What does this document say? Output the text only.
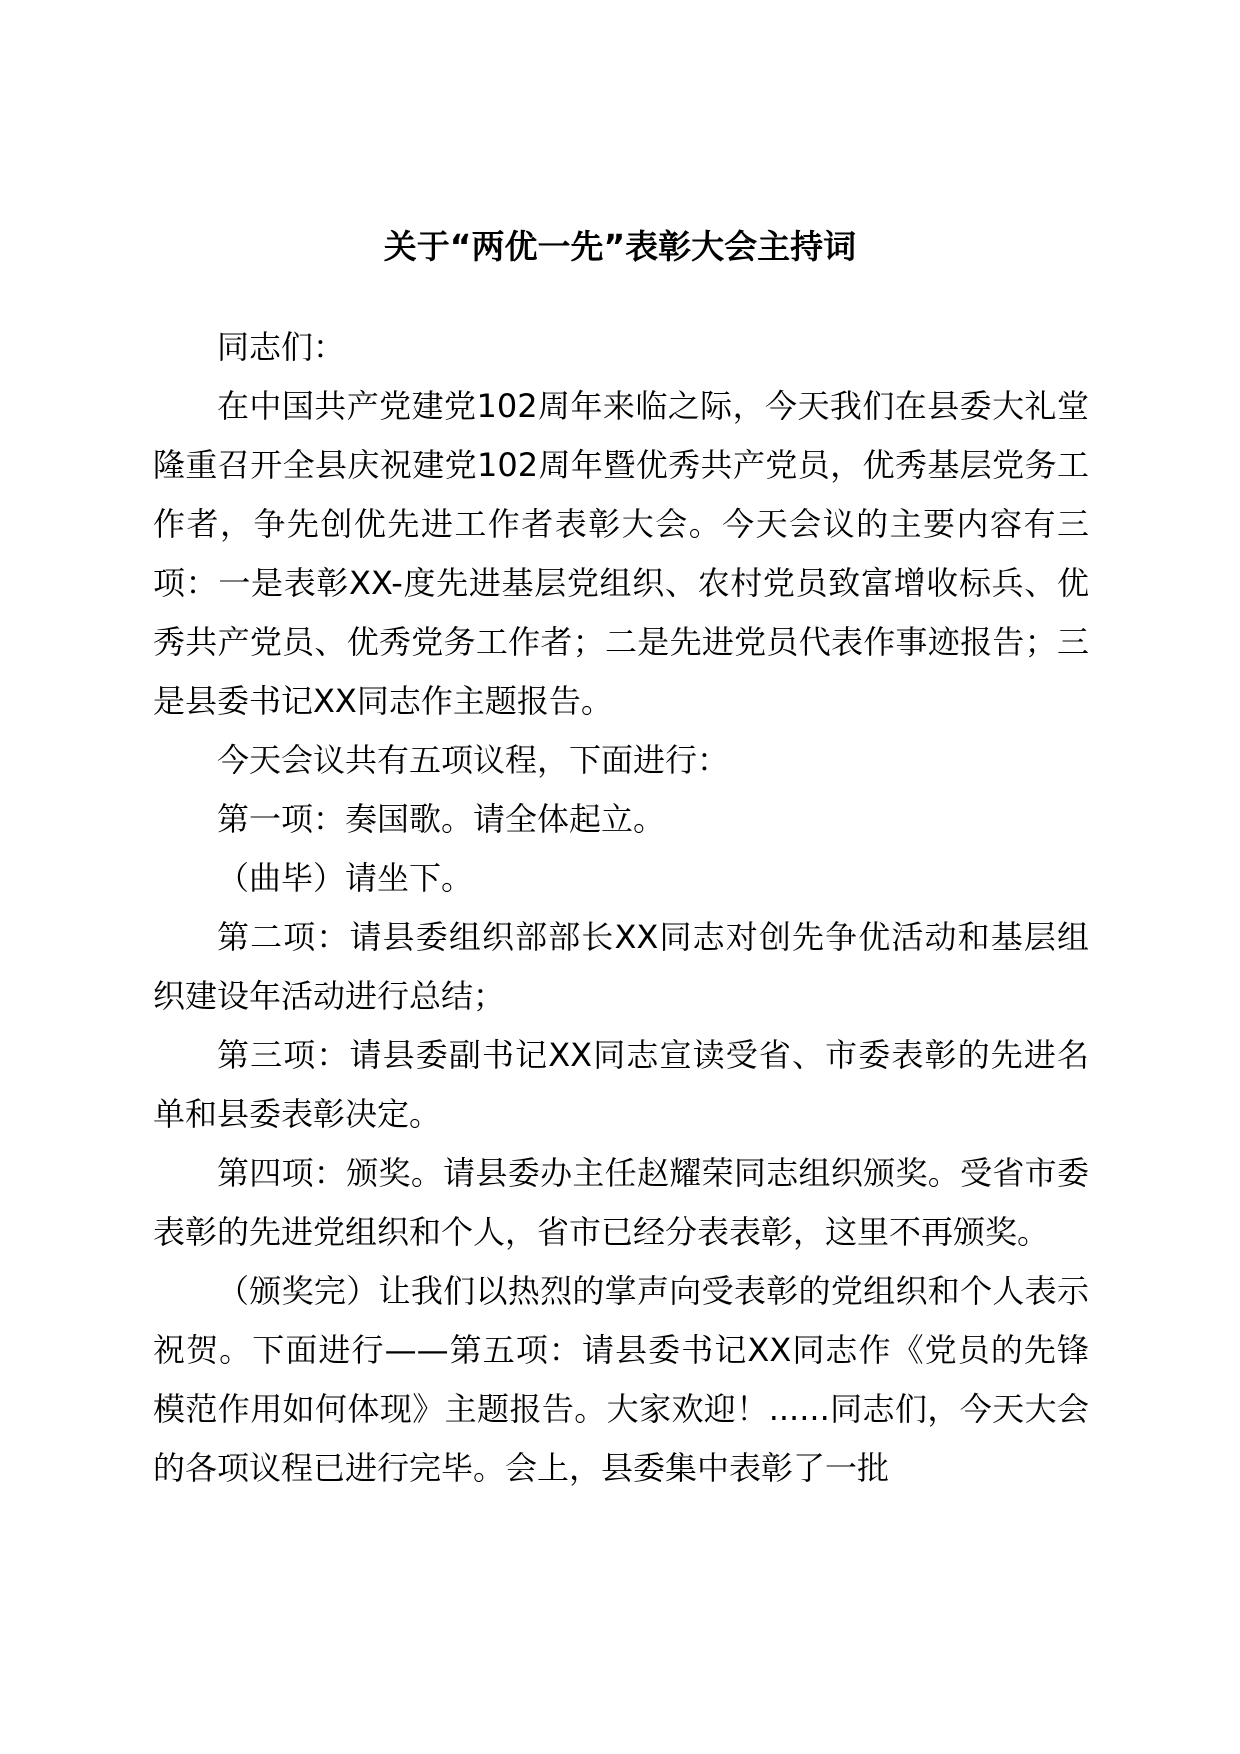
关于“两优一先”表彰大会主持词

同志们：

在中国共产党建党102周年来临之际，今天我们在县委大礼堂隆重召开全县庆祝建党102周年暨优秀共产党员，优秀基层党务工作者，争先创优先进工作者表彰大会。今天会议的主要内容有三项：一是表彰XX-度先进基层党组织、农村党员致富增收标兵、优秀共产党员、优秀党务工作者；二是先进党员代表作事迹报告；三是县委书记XX同志作主题报告。

今天会议共有五项议程，下面进行：

第一项：奏国歌。请全体起立。

（曲毕）请坐下。

第二项：请县委组织部部长XX同志对创先争优活动和基层组织建设年活动进行总结；

第三项：请县委副书记XX同志宣读受省、市委表彰的先进名单和县委表彰决定。

第四项：颁奖。请县委办主任赵耀荣同志组织颁奖。受省市委表彰的先进党组织和个人，省市已经分表表彰，这里不再颁奖。

（颁奖完）让我们以热烈的掌声向受表彰的党组织和个人表示祝贺。下面进行——第五项：请县委书记XX同志作《党员的先锋模范作用如何体现》主题报告。大家欢迎！......同志们，今天大会的各项议程已进行完毕。会上，县委集中表彰了一批
